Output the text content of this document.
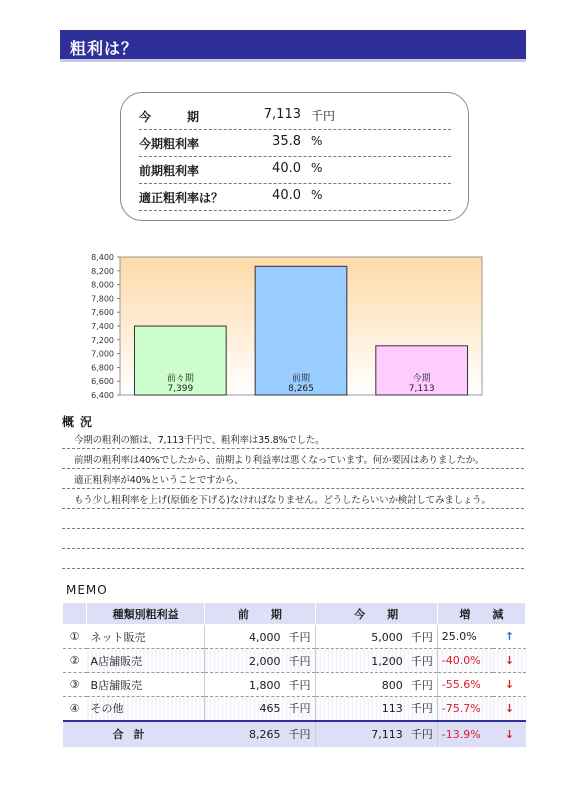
粗利は？
今　　期	7,113 千円
今期粗利率	35.8 %
前期粗利率	40.0 %
適正粗利率は？	40.0 %
6,400
6,600
6,800
7,000
7,200
7,400
7,600
7,800
8,000
8,200
8,400
前々期
7,399
前期
8,265
今期
7,113
概況
今期の粗利の額は、7,113千円で、粗利率は35.8%でした。
前期の粗利率は40%でしたから、前期より利益率は悪くなっています。何か要因はありましたか。
適正粗利率が40%ということですから、
もう少し粗利率を上げ(原価を下げる)なければなりません。どうしたらいいか検討してみましょう。
MEMO
	種類別粗利益	前　　期	今　　期	増　　減	
①	ネット販売	4,000 千円	5,000 千円	25.0%	↑
②	A店舗販売	2,000 千円	1,200 千円	-40.0%	↓
③	B店舗販売	1,800 千円	800 千円	-55.6%	↓
④	その他	465 千円	113 千円	-75.7%	↓
合計		8,265 千円	7,113 千円	-13.9%	↓
